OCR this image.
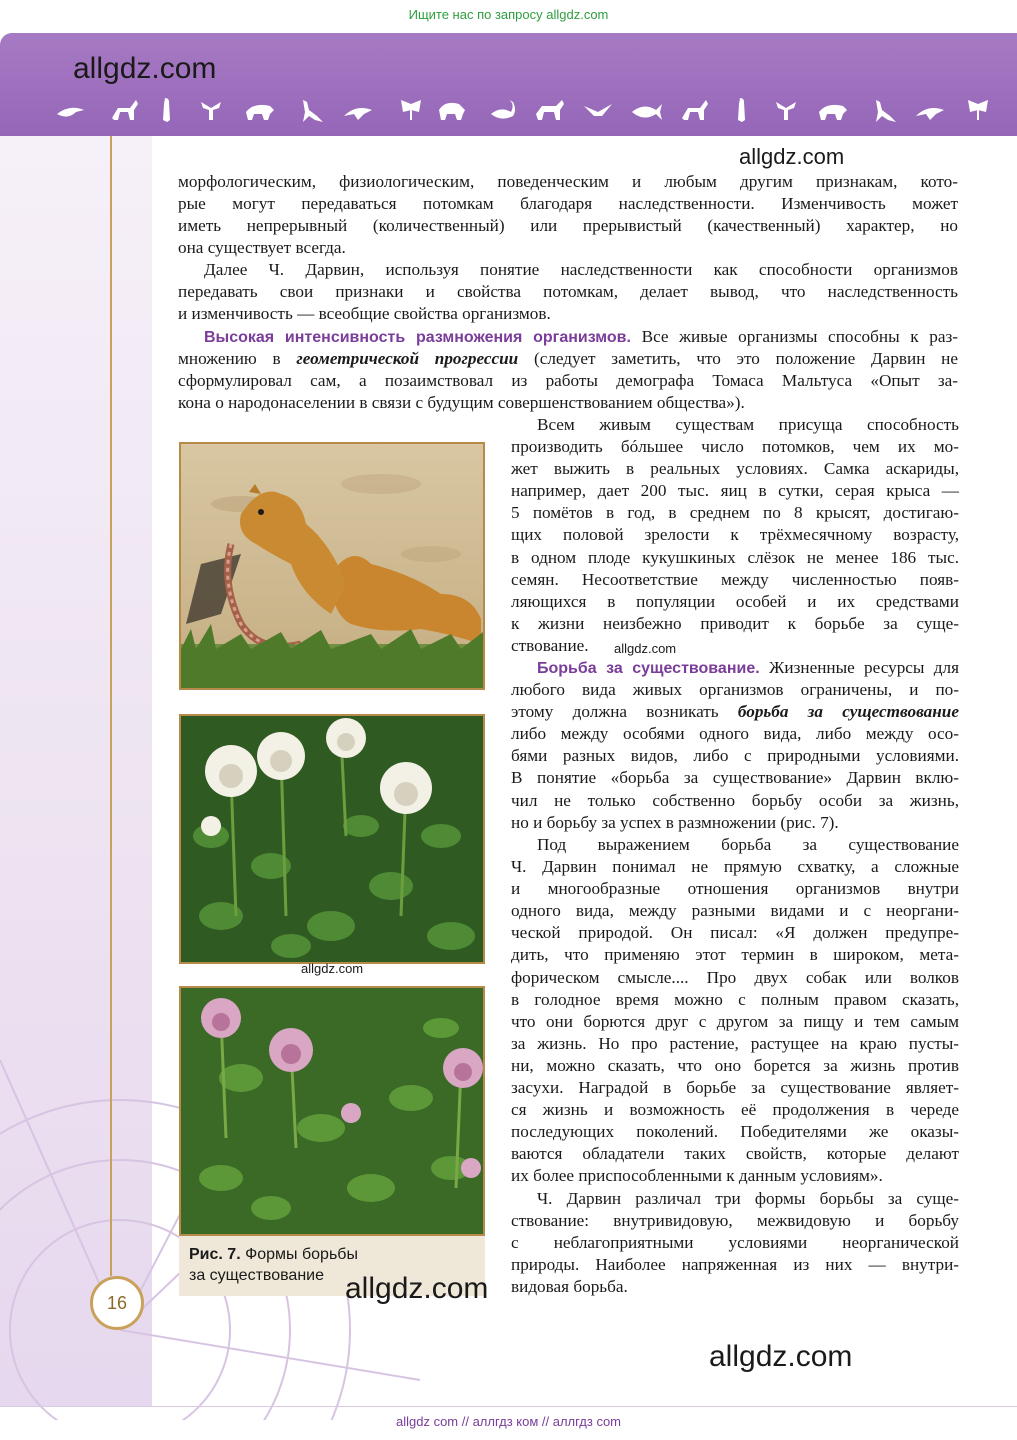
Ищите нас по запросу allgdz.com
allgdz.com
allgdz.com
морфологическим, физиологическим, поведенческим и любым другим признакам, кото-
рые могут передаваться потомкам благодаря наследственности. Изменчивость может
иметь непрерывный (количественный) или прерывистый (качественный) характер, но
она существует всегда.
Далее Ч. Дарвин, используя понятие наследственности как способности организмов
передавать свои признаки и свойства потомкам, делает вывод, что наследственность
и изменчивость — всеобщие свойства организмов.
Высокая интенсивность размножения организмов. Все живые организмы способны к раз-
множению в геометрической прогрессии (следует заметить, что это положение Дарвин не
сформулировал сам, а позаимствовал из работы демографа Томаса Мальтуса «Опыт за-
кона о народонаселении в связи с будущим совершенствованием общества»).
Всем живым существам присуща способность
производить бóльшее число потомков, чем их мо-
жет выжить в реальных условиях. Самка аскариды,
например, дает 200 тыс. яиц в сутки, серая крыса —
5 помётов в год, в среднем по 8 крысят, достигаю-
щих половой зрелости к трёхмесячному возрасту,
в одном плоде кукушкиных слёзок не менее 186 тыс.
семян. Несоответствие между численностью появ-
ляющихся в популяции особей и их средствами
к жизни неизбежно приводит к борьбе за суще-
ствование.	allgdz.com
Борьба за существование. Жизненные ресурсы для
любого вида живых организмов ограничены, и по-
этому должна возникать борьба за существование
либо между особями одного вида, либо между осо-
бями разных видов, либо с природными условиями.
В понятие «борьба за существование» Дарвин вклю-
чил не только собственно борьбу особи за жизнь,
но и борьбу за успех в размножении (рис. 7).
Под выражением борьба за существование
Ч. Дарвин понимал не прямую схватку, а сложные
и многообразные отношения организмов внутри
одного вида, между разными видами и с неоргани-
ческой природой. Он писал: «Я должен предупре-
дить, что применяю этот термин в широком, мета-
форическом смысле.... Про двух собак или волков
в голодное время можно с полным правом сказать,
что они борются друг с другом за пищу и тем самым
за жизнь. Но про растение, растущее на краю пусты-
ни, можно сказать, что оно борется за жизнь против
засухи. Наградой в борьбе за существование являет-
ся жизнь и возможность её продолжения в череде
последующих поколений. Победителями же оказы-
ваются обладатели таких свойств, которые делают
их более приспособленными к данным условиям».
Ч. Дарвин различал три формы борьбы за суще-
ствование: внутривидовую, межвидовую и борьбу
с неблагоприятными условиями неорганической
природы. Наиболее напряженная из них — внутри-
видовая борьба.
allgdz.com
Рис. 7. Формы борьбы
за существование allgdz.com
16
allgdz.com
allgdz com // аллгдз ком // аллгдз com
